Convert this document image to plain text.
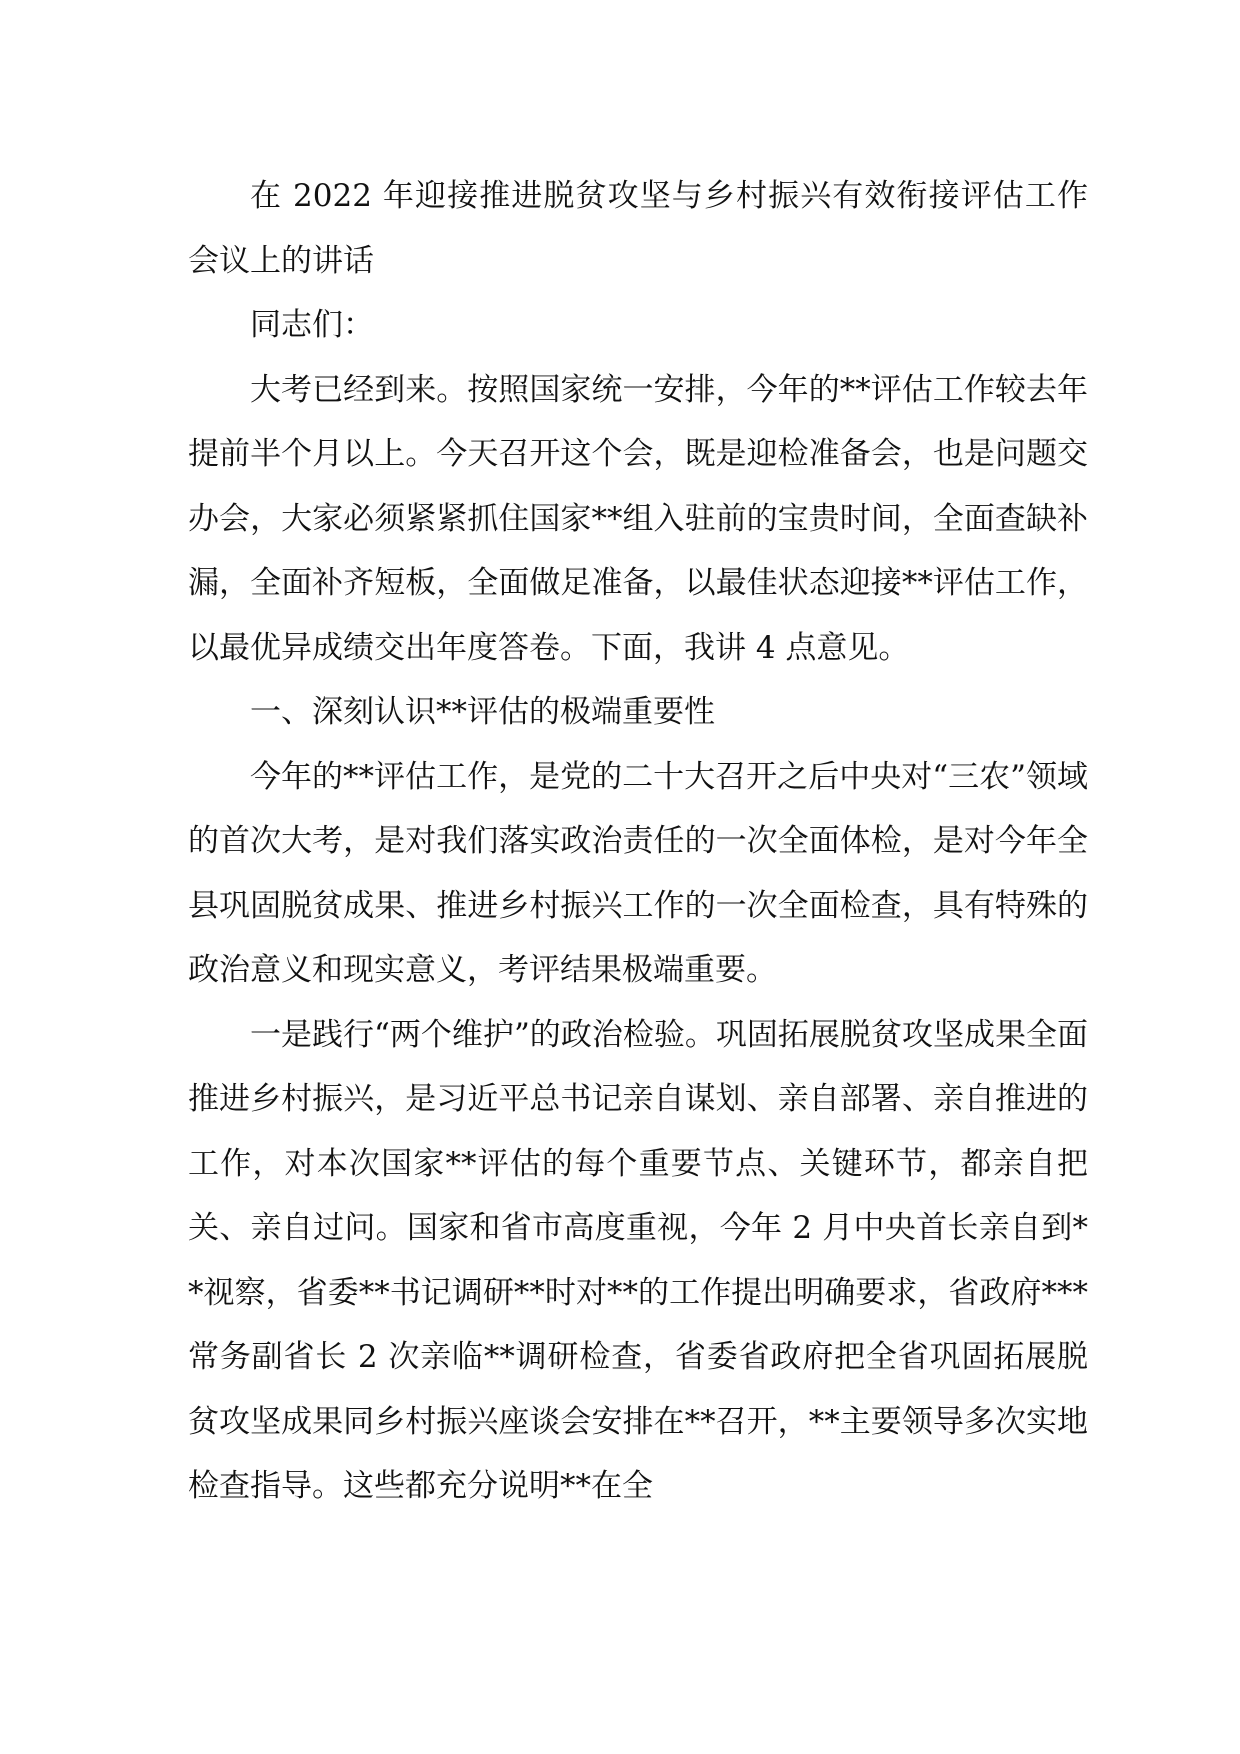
在 2022 年迎接推进脱贫攻坚与乡村振兴有效衔接评估工作会议上的讲话

同志们：

大考已经到来。按照国家统一安排，今年的**评估工作较去年提前半个月以上。今天召开这个会，既是迎检准备会，也是问题交办会，大家必须紧紧抓住国家**组入驻前的宝贵时间，全面查缺补漏，全面补齐短板，全面做足准备，以最佳状态迎接**评估工作，以最优异成绩交出年度答卷。下面，我讲 4 点意见。

一、深刻认识**评估的极端重要性

今年的**评估工作，是党的二十大召开之后中央对“三农”领域的首次大考，是对我们落实政治责任的一次全面体检，是对今年全县巩固脱贫成果、推进乡村振兴工作的一次全面检查，具有特殊的政治意义和现实意义，考评结果极端重要。

一是践行“两个维护”的政治检验。巩固拓展脱贫攻坚成果全面推进乡村振兴，是习近平总书记亲自谋划、亲自部署、亲自推进的工作，对本次国家**评估的每个重要节点、关键环节，都亲自把关、亲自过问。国家和省市高度重视，今年 2 月中央首长亲自到**视察，省委**书记调研**时对**的工作提出明确要求，省政府***常务副省长 2 次亲临**调研检查，省委省政府把全省巩固拓展脱贫攻坚成果同乡村振兴座谈会安排在**召开，**主要领导多次实地检查指导。这些都充分说明**在全
